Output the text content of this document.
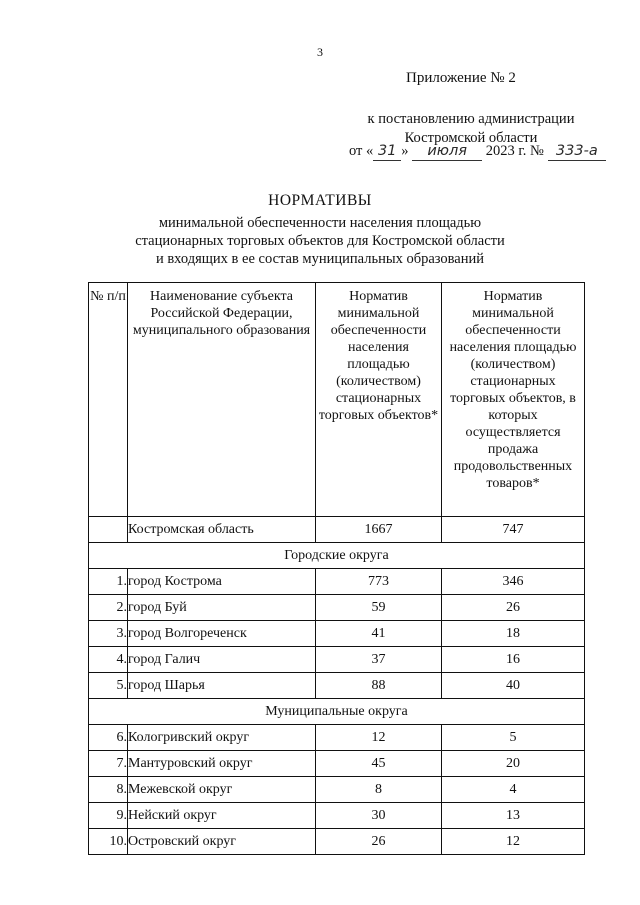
3
Приложение № 2
к постановлению администрации
Костромской области
от « 31 » июля 2023 г. № 333-а
НОРМАТИВЫ
минимальной обеспеченности населения площадью
стационарных торговых объектов для Костромской области
и входящих в ее состав муниципальных образований
№ п/п	Наименование субъекта Российской Федерации, муниципального образования	Норматив минимальной обеспеченности населения площадью (количеством) стационарных торговых объектов*	Норматив минимальной обеспеченности населения площадью (количеством) стационарных торговых объектов, в которых осуществляется продажа продовольственных товаров*
	Костромская область	1667	747
Городские округа			
1.	город Кострома	773	346
2.	город Буй	59	26
3.	город Волгореченск	41	18
4.	город Галич	37	16
5.	город Шарья	88	40
Муниципальные округа			
6.	Кологривский округ	12	5
7.	Мантуровский округ	45	20
8.	Межевской округ	8	4
9.	Нейский округ	30	13
10.	Островский округ	26	12
